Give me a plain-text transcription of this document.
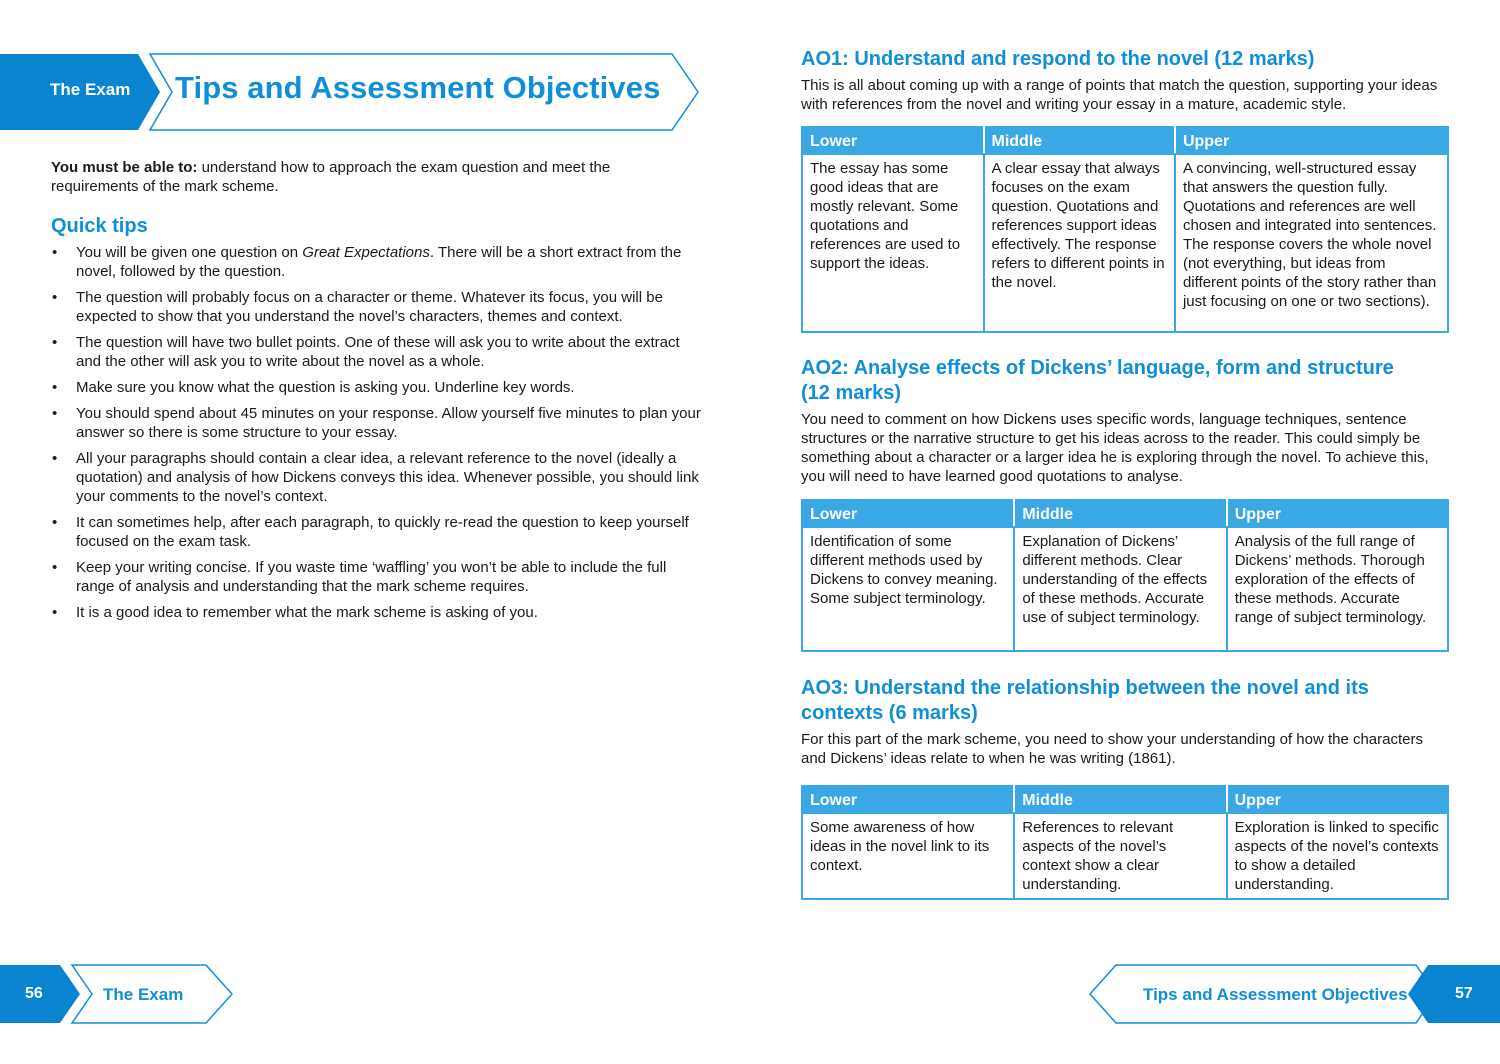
The Exam Tips and Assessment Objectives
You must be able to: understand how to approach the exam question and meet the requirements of the mark scheme.
Quick tips
• You will be given one question on Great Expectations. There will be a short extract from the novel, followed by the question.
• The question will probably focus on a character or theme. Whatever its focus, you will be expected to show that you understand the novel’s characters, themes and context.
• The question will have two bullet points. One of these will ask you to write about the extract and the other will ask you to write about the novel as a whole.
• Make sure you know what the question is asking you. Underline key words.
• You should spend about 45 minutes on your response. Allow yourself five minutes to plan your answer so there is some structure to your essay.
• All your paragraphs should contain a clear idea, a relevant reference to the novel (ideally a quotation) and analysis of how Dickens conveys this idea. Whenever possible, you should link your comments to the novel’s context.
• It can sometimes help, after each paragraph, to quickly re-read the question to keep yourself focused on the exam task.
• Keep your writing concise. If you waste time ‘waffling’ you won’t be able to include the full range of analysis and understanding that the mark scheme requires.
• It is a good idea to remember what the mark scheme is asking of you.
AO1: Understand and respond to the novel (12 marks)
This is all about coming up with a range of points that match the question, supporting your ideas with references from the novel and writing your essay in a mature, academic style.
Lower	Middle	Upper
The essay has some good ideas that are mostly relevant. Some quotations and references are used to support the ideas.	A clear essay that always focuses on the exam question. Quotations and references support ideas effectively. The response refers to different points in the novel.	A convincing, well-structured essay that answers the question fully. Quotations and references are well chosen and integrated into sentences. The response covers the whole novel (not everything, but ideas from different points of the story rather than just focusing on one or two sections).
AO2: Analyse effects of Dickens’ language, form and structure (12 marks)
You need to comment on how Dickens uses specific words, language techniques, sentence structures or the narrative structure to get his ideas across to the reader. This could simply be something about a character or a larger idea he is exploring through the novel. To achieve this, you will need to have learned good quotations to analyse.
Lower	Middle	Upper
Identification of some different methods used by Dickens to convey meaning. Some subject terminology.	Explanation of Dickens’ different methods. Clear understanding of the effects of these methods. Accurate use of subject terminology.	Analysis of the full range of Dickens’ methods. Thorough exploration of the effects of these methods. Accurate range of subject terminology.
AO3: Understand the relationship between the novel and its contexts (6 marks)
For this part of the mark scheme, you need to show your understanding of how the characters and Dickens’ ideas relate to when he was writing (1861).
Lower	Middle	Upper
Some awareness of how ideas in the novel link to its context.	References to relevant aspects of the novel’s context show a clear understanding.	Exploration is linked to specific aspects of the novel’s contexts to show a detailed understanding.
56	The Exam	Tips and Assessment Objectives	57
